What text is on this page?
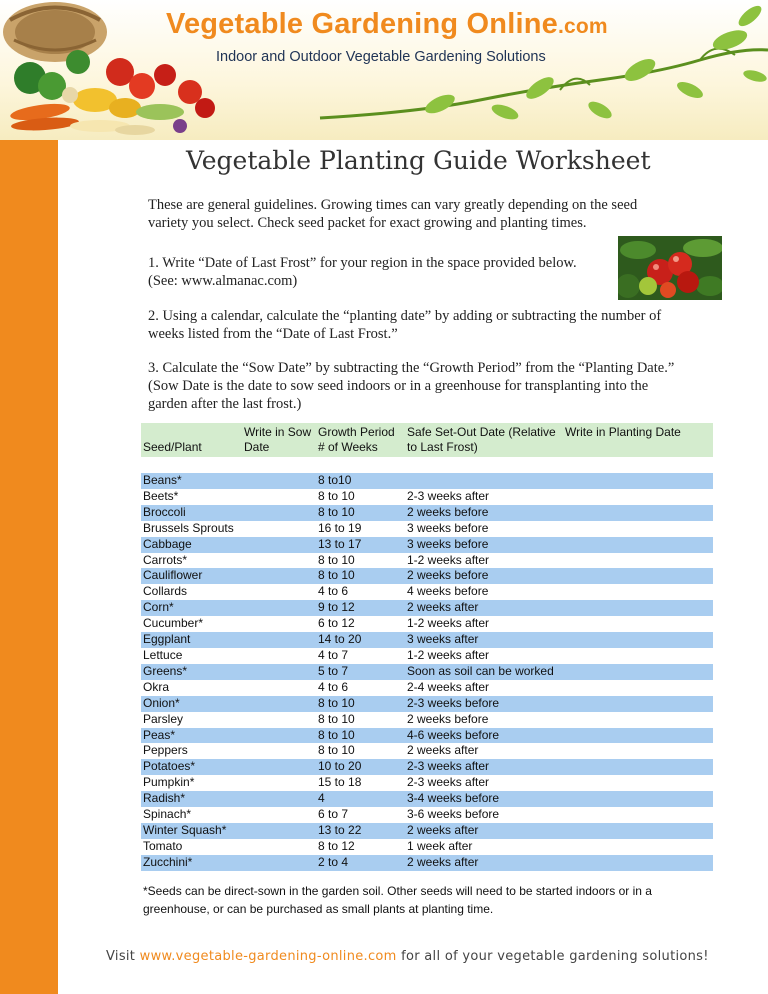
Vegetable Gardening Online.com
Indoor and Outdoor Vegetable Gardening Solutions
Vegetable Planting Guide Worksheet

These are general guidelines. Growing times can vary greatly depending on the seed variety you select. Check seed packet for exact growing and planting times.

1. Write “Date of Last Frost” for your region in the space provided below. (See: www.almanac.com)

2. Using a calendar, calculate the “planting date” by adding or subtracting the number of weeks listed from the “Date of Last Frost.”

3. Calculate the “Sow Date” by subtracting the “Growth Period” from the “Planting Date.” (Sow Date is the date to sow seed indoors or in a greenhouse for transplanting into the garden after the last frost.)

Seed/Plant	Write in Sow Date	Growth Period # of Weeks	Safe Set-Out Date (Relative to Last Frost)	Write in Planting Date

Beans*		8 to10		
Beets*		8 to 10	2-3 weeks after	
Broccoli		8 to 10	2 weeks before	
Brussels Sprouts		16 to 19	3 weeks before	
Cabbage		13 to 17	3 weeks before	
Carrots*		8 to 10	1-2 weeks after	
Cauliflower		8 to 10	2 weeks before	
Collards		4 to 6	4 weeks before	
Corn*		9 to 12	2 weeks after	
Cucumber*		6 to 12	1-2 weeks after	
Eggplant		14 to 20	3 weeks after	
Lettuce		4 to 7	1-2 weeks after	
Greens*		5 to 7	Soon as soil can be worked	
Okra		4 to 6	2-4 weeks after	
Onion*		8 to 10	2-3 weeks before	
Parsley		8 to 10	2 weeks before	
Peas*		8 to 10	4-6 weeks before	
Peppers		8 to 10	2 weeks after	
Potatoes*		10 to 20	2-3 weeks after	
Pumpkin*		15 to 18	2-3 weeks after	
Radish*		4	3-4 weeks before	
Spinach*		6 to 7	3-6 weeks before	
Winter Squash*		13 to 22	2 weeks after	
Tomato		8 to 12	1 week after	
Zucchini*		2 to 4	2 weeks after	

*Seeds can be direct-sown in the garden soil. Other seeds will need to be started indoors or in a greenhouse, or can be purchased as small plants at planting time.

Visit www.vegetable-gardening-online.com for all of your vegetable gardening solutions!
